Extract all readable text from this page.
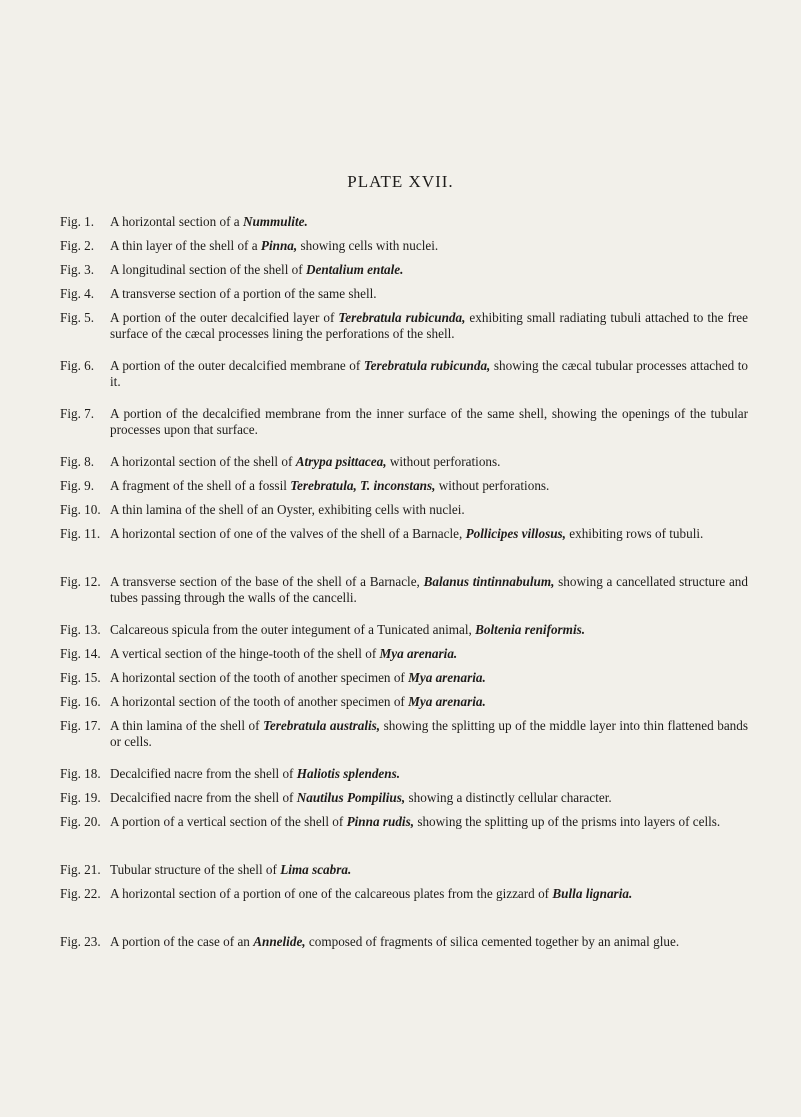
PLATE XVII.
Fig. 1.	A horizontal section of a Nummulite.
Fig. 2.	A thin layer of the shell of a Pinna, showing cells with nuclei.
Fig. 3.	A longitudinal section of the shell of Dentalium entale.
Fig. 4.	A transverse section of a portion of the same shell.
Fig. 5.	A portion of the outer decalcified layer of Terebratula rubicunda, exhibiting small radiating tubuli attached to the free surface of the cæcal processes lining the perforations of the shell.
Fig. 6.	A portion of the outer decalcified membrane of Terebratula rubicunda, showing the cæcal tubular processes attached to it.
Fig. 7.	A portion of the decalcified membrane from the inner surface of the same shell, showing the openings of the tubular processes upon that surface.
Fig. 8.	A horizontal section of the shell of Atrypa psittacea, without perforations.
Fig. 9.	A fragment of the shell of a fossil Terebratula, T. inconstans, without perforations.
Fig. 10. A thin lamina of the shell of an Oyster, exhibiting cells with nuclei.
Fig. 11. A horizontal section of one of the valves of the shell of a Barnacle, Pollicipes villosus, exhibiting rows of tubuli.
Fig. 12. A transverse section of the base of the shell of a Barnacle, Balanus tintinnabulum, showing a cancellated structure and tubes passing through the walls of the cancelli.
Fig. 13. Calcareous spicula from the outer integument of a Tunicated animal, Boltenia reniformis.
Fig. 14. A vertical section of the hinge-tooth of the shell of Mya arenaria.
Fig. 15. A horizontal section of the tooth of another specimen of Mya arenaria.
Fig. 16. A horizontal section of the tooth of another specimen of Mya arenaria.
Fig. 17. A thin lamina of the shell of Terebratula australis, showing the splitting up of the middle layer into thin flattened bands or cells.
Fig. 18. Decalcified nacre from the shell of Haliotis splendens.
Fig. 19. Decalcified nacre from the shell of Nautilus Pompilius, showing a distinctly cellular character.
Fig. 20. A portion of a vertical section of the shell of Pinna rudis, showing the splitting up of the prisms into layers of cells.
Fig. 21. Tubular structure of the shell of Lima scabra.
Fig. 22. A horizontal section of a portion of one of the calcareous plates from the gizzard of Bulla lignaria.
Fig. 23. A portion of the case of an Annelide, composed of fragments of silica cemented together by an animal glue.
